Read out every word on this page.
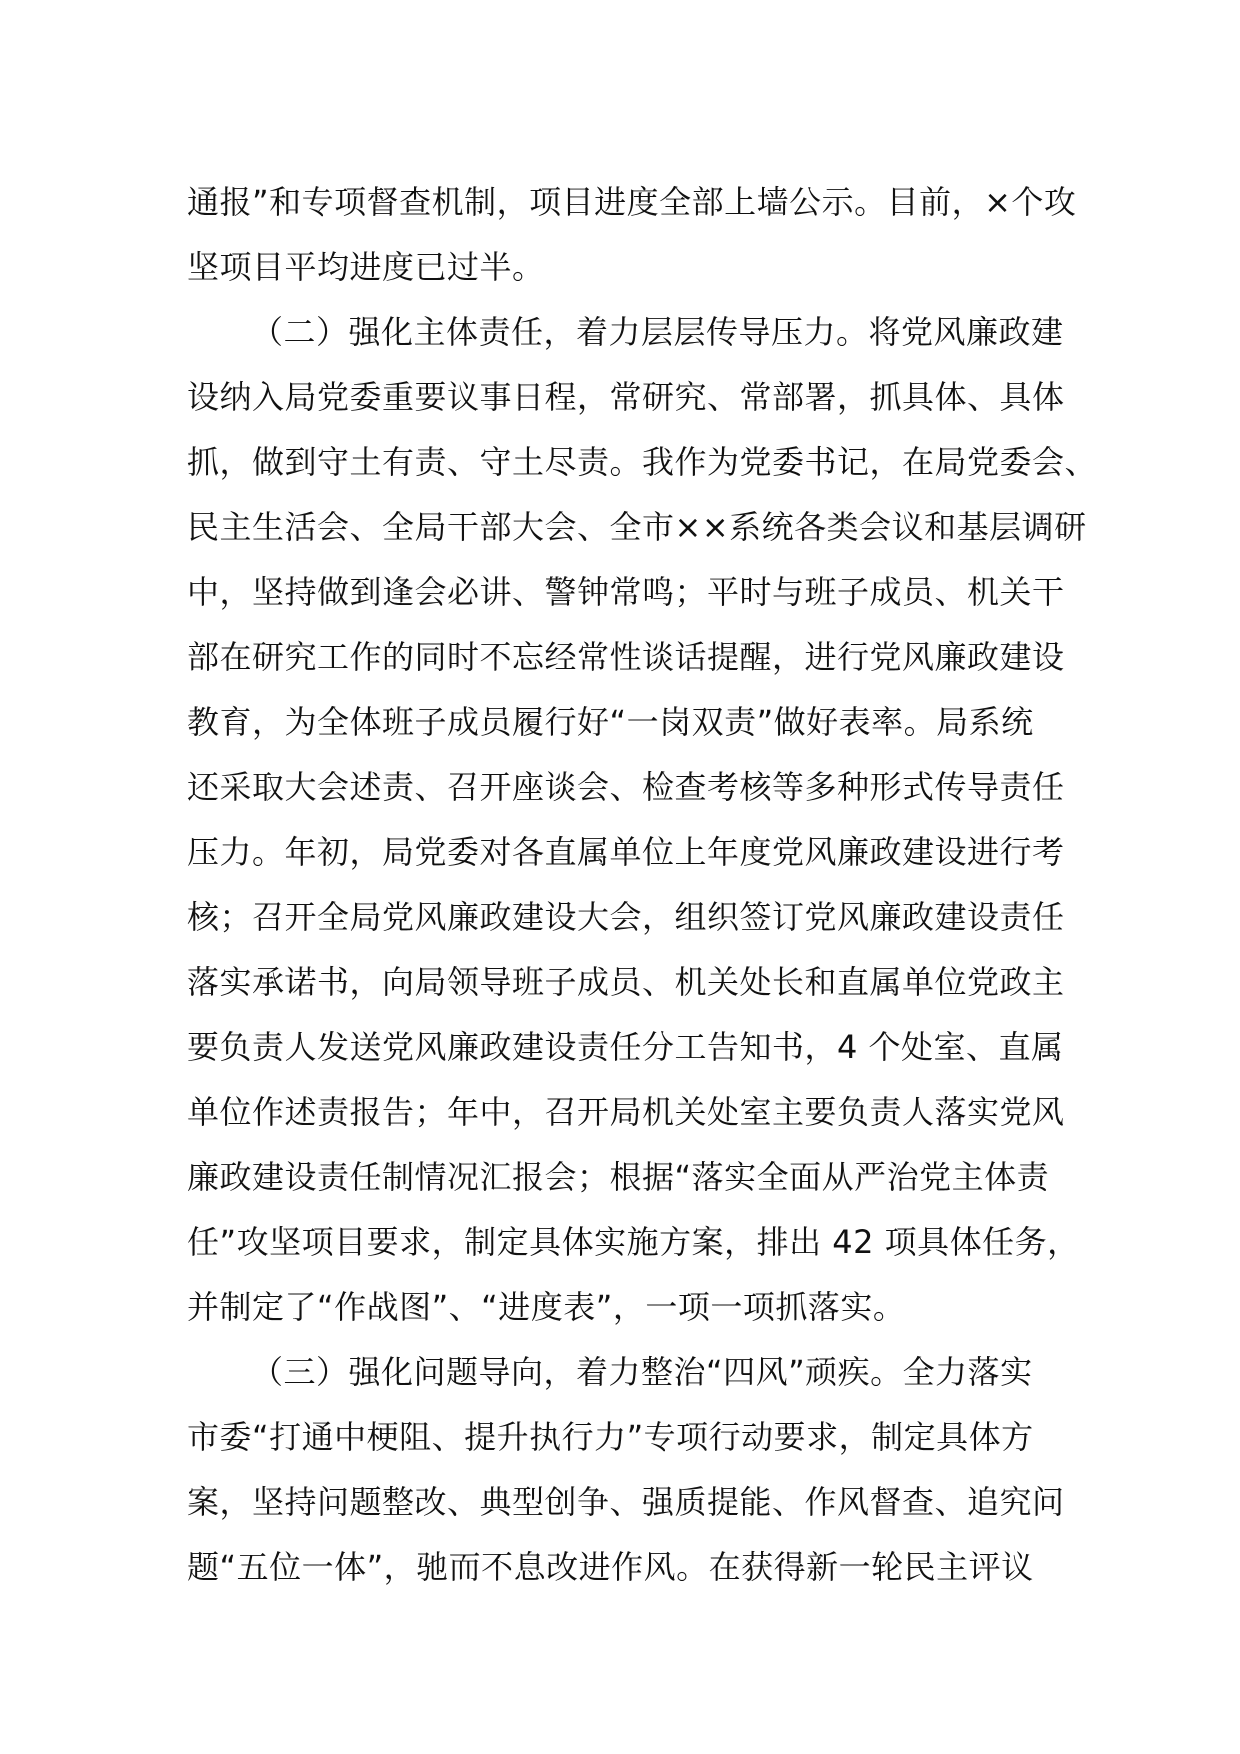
通报”和专项督查机制，项目进度全部上墙公示。目前，×个攻
坚项目平均进度已过半。
（二）强化主体责任，着力层层传导压力。将党风廉政建
设纳入局党委重要议事日程，常研究、常部署，抓具体、具体
抓，做到守土有责、守土尽责。我作为党委书记，在局党委会、
民主生活会、全局干部大会、全市××系统各类会议和基层调研
中，坚持做到逢会必讲、警钟常鸣；平时与班子成员、机关干
部在研究工作的同时不忘经常性谈话提醒，进行党风廉政建设
教育，为全体班子成员履行好“一岗双责”做好表率。局系统
还采取大会述责、召开座谈会、检查考核等多种形式传导责任
压力。年初，局党委对各直属单位上年度党风廉政建设进行考
核；召开全局党风廉政建设大会，组织签订党风廉政建设责任
落实承诺书，向局领导班子成员、机关处长和直属单位党政主
要负责人发送党风廉政建设责任分工告知书，4 个处室、直属
单位作述责报告；年中，召开局机关处室主要负责人落实党风
廉政建设责任制情况汇报会；根据“落实全面从严治党主体责
任”攻坚项目要求，制定具体实施方案，排出 42 项具体任务，
并制定了“作战图”、“进度表”，一项一项抓落实。
（三）强化问题导向，着力整治“四风”顽疾。全力落实
市委“打通中梗阻、提升执行力”专项行动要求，制定具体方
案，坚持问题整改、典型创争、强质提能、作风督查、追究问
题“五位一体”，驰而不息改进作风。在获得新一轮民主评议
